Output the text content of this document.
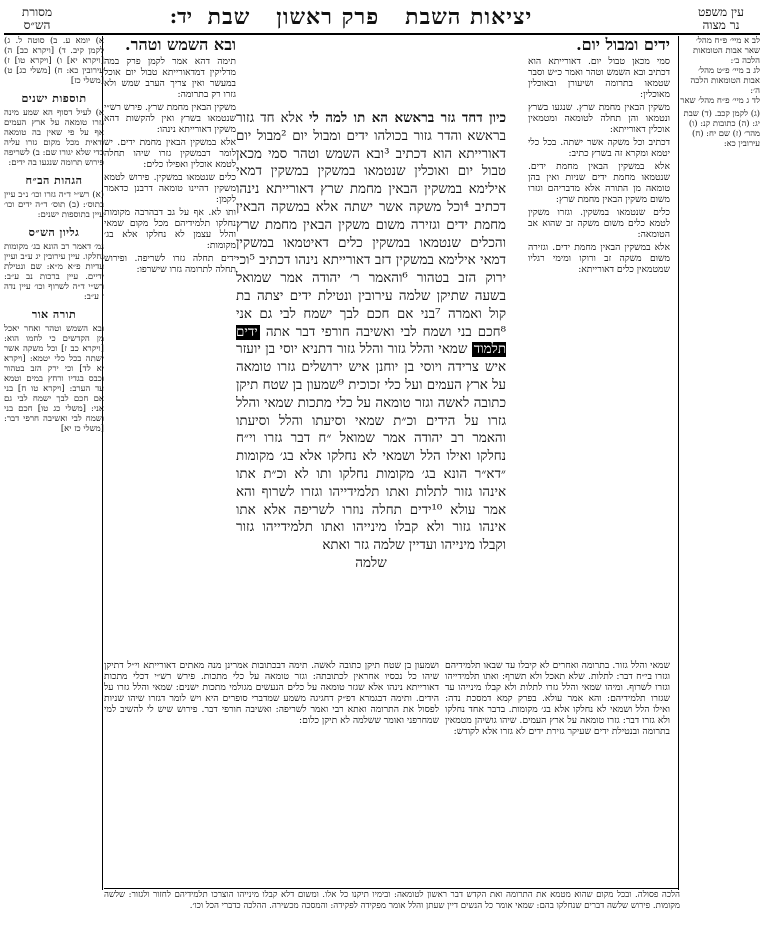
עין משפט
נר מצוה
יד: יציאות השבת   פרק ראשון   שבת
מסורת
הש״ס
לב א מיי׳ פ״ח מהל׳ שאר אבות הטומאות הלכה ב׳:
לג ב מיי׳ פ״ט מהל׳ אבות הטומאות הלכה ה׳:
לד ג מיי׳ פ״ח מהל׳ שאר
(ג) לקמן קכב. (ד) שבת יג: (ה) כתובות קנ: (ו) מהר׳ (ז) שם יח: (ח) עירובין כא:

ידים ומבול יום.

סמי מכאן טבול יום. דאורייתא הוא דכתיב ובא השמש וטהר ואמר כ״ש וסבר שטמאו בתרומה ושיעורן ובאוכלין מאוכלין:

משקין הבאין מחמת שרץ. שנגעו בשרץ ונטמאו והן תחלה לטומאה ומטמאין אוכלין דאורייתא:

דכתיב וכל משקה אשר ישתה. בכל כלי יטמא ומקרא זה בשרץ כתיב:

אלא במשקין הבאין מחמת ידים. שנטמאו מחמת ידים שניות ואין בהן טומאה מן התורה אלא מדבריהם וגזרו משום משקין הבאין מחמת שרץ:

כלים שנטמאו במשקין. וגזרו משקין לטמא כלים משום משקה זב שהוא אב הטומאה:

אלא במשקין הבאין מחמת ידים. וגזירה משום משקה זב ורוקו ומימי רגליו שמטמאין כלים דאורייתא:

כיון דחד גזר בראשא הא תו למה לי אלא חד גזור בראשא והדר גזור בכולהו ידים ומבול יום ²מבול יום דאורייתא הוא דכתיב ³ובא השמש וטהר סמי מכאן טבול יום ואוכלין שנטמאו במשקין במשקין דמאי אילימא במשקין הבאין מחמת שרץ דאורייתא נינהו דכתיב ⁴וכל משקה אשר ישתה אלא במשקה הבאין מחמת ידים וגזירה משום משקין הבאין מחמת שרץ והכלים שנטמאו במשקין כלים דאיטמאו במשקין דמאי אילימא במשקין דזב דאורייתא נינהו דכתיב ⁵וכי ירוק הזב בטהור ⁶והאמר ר׳ יהודה אמר שמואל בשעה שתיקן שלמה עירובין ונטילת ידים יצתה בת קול ואמרה ⁷בני אם חכם לבך ישמח לבי גם אני ⁸חכם בני ושמח לבי ואשיבה חורפי דבר אתה ידים תלמוד שמאי והלל גזור והלל גזור דתניא יוסי בן יועזר איש צרידה ויוסי בן יוחנן איש ירושלים גזרו טומאה על ארץ העמים ועל כלי זכוכית ⁹שמעון בן שטח תיקן כתובה לאשה וגזר טומאה על כלי מתכות שמאי והלל גזרו על הידים וכ״ת שמאי וסיעתו והלל וסיעתו והאמר רב יהודה אמר שמואל ״ח דבר גזרו וי״ח נחלקו ואילו הלל ושמאי לא נחלקו אלא בג׳ מקומות ״דא״ר הונא בג׳ מקומות נחלקו ותו לא וכ״ת אתו אינהו גזור לתלות ואתו תלמידייהו וגזרו לשרוף והא אמר עולא ¹⁰ידים תחלה נוזרו לשריפה אלא אתו אינהו גזור ולא קבלו מינייהו ואתו תלמידייהו גזור וקבלו מינייהו ועדיין שלמה גזר ואתא
שלמה

ובא השמש וטהר.

תימה דהא אמר לקמן פרק במה מדליקין דמדאורייתא טבול יום אוכל במעשר ואין צריך הערב שמש ולא גזרו רק בתרומה:

משקין הבאין מחמת שרץ. פירש רש״י שנטמאו בשרץ ואין להקשות דהא משקין דאורייתא נינהו:

אלא במשקין הבאין מחמת ידים. יש לומר דבמשקין גזרו שיהו תחלה לטמא אוכלין ואפילו כלים:

כלים שנטמאו במשקין. פירוש לטמא משקין דהיינו טומאה דרבנן כדאמר לקמן:

ותו לא. אף על גב דבהרבה מקומות נחלקו תלמידיהם מכל מקום שמאי והלל עצמן לא נחלקו אלא בג׳ מקומות:

ידים תחלה גזרו לשריפה. ופירוש תחלה לתרומה גזרו שישרפו:

שמאי והלל גזור. בתרומה ואחרים לא קיבלו עד שבאו תלמידיהם וגזרו בי״ח דבר: לתלות. שלא תאכל ולא תשרף: ואתו תלמידייהו וגזרו לשרוף. ומיהו שמאי והלל גזרו לתלות ולא קבלו מינייהו עד שגזרו תלמידיהם: והא אמר עולא. בפרק קמא דמסכת נדה: ואילו הלל ושמאי לא נחלקו אלא בג׳ מקומות. בדבר אחד נחלקו ולא גזרו דבר: גזרו טומאה על ארץ העמים. שיהו גושיהן מטמאין בתרומה ובנטילת ידים שעיקר גזירת ידים לא גזרו אלא לקודש:

ושמעון בן שטח תיקן כתובה לאשה. תימה דבכתובות אמרינן מנה מאתים דאורייתא וי״ל דתיקן שיהו כל נכסיו אחראין לכתובתה: וגזר טומאה על כלי מתכות. פירש רש״י דכלי מתכות דאורייתא נינהו אלא שגזר טומאה על כלים הנעשים מגולמי מתכות ישנים: שמאי והלל גזרו על הידים. ותימה דבגמרא דפ״ק דחגיגה משמע שמדברי סופרים היא ויש לומר דגזרו שיהו שניות לפסול את התרומה ואתא רבי ואמר לשריפה: ואשיבה חורפי דבר. פירוש שיש לי להשיב למי שמחרפני ואומר ששלמה לא תיקן כלום:

הלכה פסולה. ובכל מקום שהוא מטמא את התרומה ואת הקדש דבר ראשון לטומאה: ובימיו תיקנו כל אלו. ומשום דלא קבלו מינייהו הוצרכו תלמידיהם לחזור ולגזור: שלשה מקומות. פירוש שלשה דברים שנחלקו בהם: שמאי אומר כל הנשים דיין שעתן והלל אומר מפקידה לפקידה: והמסכה מכשירה. ההלכה כדברי הכל וכו׳.

א) יומא ע. ב) סוטה ל. ג) לקמן קיב. ד) [ויקרא כב] ה) [ויקרא יא] ו) [ויקרא טו] ז) עירובין כא: ח) [משלי כג] ט) [משלי כז]
תוספות ישנים
א) לעיל דסוף הא שמע מינה גזרו טומאה על ארץ העמים אף על פי שאין בה טומאה ודאית מכל מקום גזרו עליה כדי שלא יגורו שם: ב) לשריפה פירוש תרומה שנגעו בה ידים:
הגהות הב״ח
(א) רש״י ד״ה גזרו וכו׳ נ״ב עיין בתוס׳: (ב) תוס׳ ד״ה ידים וכו׳ עיין בתוספות ישנים:
גליון הש״ס
גמ׳ דאמר רב הונא בג׳ מקומות נחלקו. עיין עירובין יג ע״ב ועיין עדיות פ״א מ״א: שם ונטילת ידיים. עיין ברכות נב ע״ב: רש״י ד״ה לשרוף וכו׳ עיין נדה ז ע״ב:
תורה אור
ובא השמש וטהר ואחר יאכל מן הקדשים כי לחמו הוא: [ויקרא כב ז] וכל משקה אשר ישתה בכל כלי יטמא: [ויקרא יא לד] וכי ירק הזב בטהור וכבס בגדיו ורחץ במים וטמא עד הערב: [ויקרא טו ח] בני אם חכם לבך ישמח לבי גם אני: [משלי כג טו] חכם בני ושמח לבי ואשיבה חרפי דבר: [משלי כז יא]
